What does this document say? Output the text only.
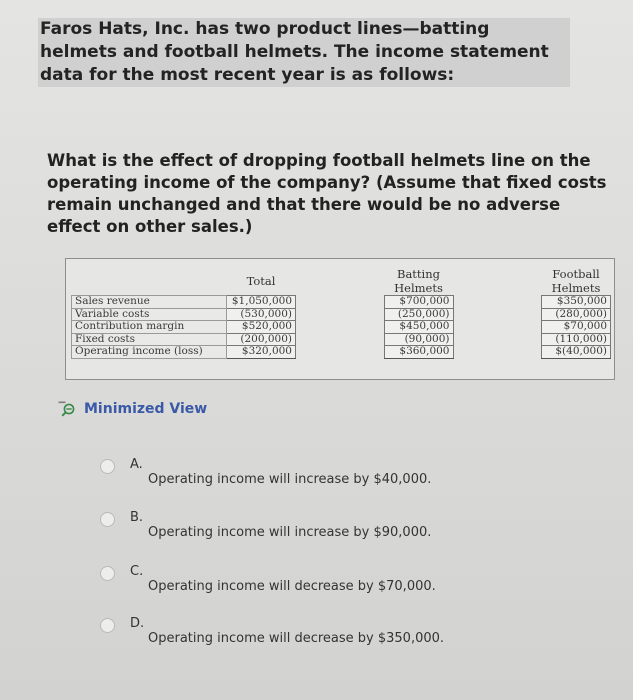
Faros Hats, Inc. has two product lines—batting helmets and football helmets. The income statement data for the most recent year is as follows:
What is the effect of dropping football helmets line on the operating income of the company? (Assume that fixed costs remain unchanged and that there would be no adverse effect on other sales.)
	Total		Batting Helmets		Football Helmets
Sales revenue	$1,050,000		$700,000		$350,000
Variable costs	(530,000)		(250,000)		(280,000)
Contribution margin	$520,000		$450,000		$70,000
Fixed costs	(200,000)		(90,000)		(110,000)
Operating income (loss)	$320,000		$360,000		$(40,000)
Minimized View
A.
Operating income will increase by $40,000.
B.
Operating income will increase by $90,000.
C.
Operating income will decrease by $70,000.
D.
Operating income will decrease by $350,000.
